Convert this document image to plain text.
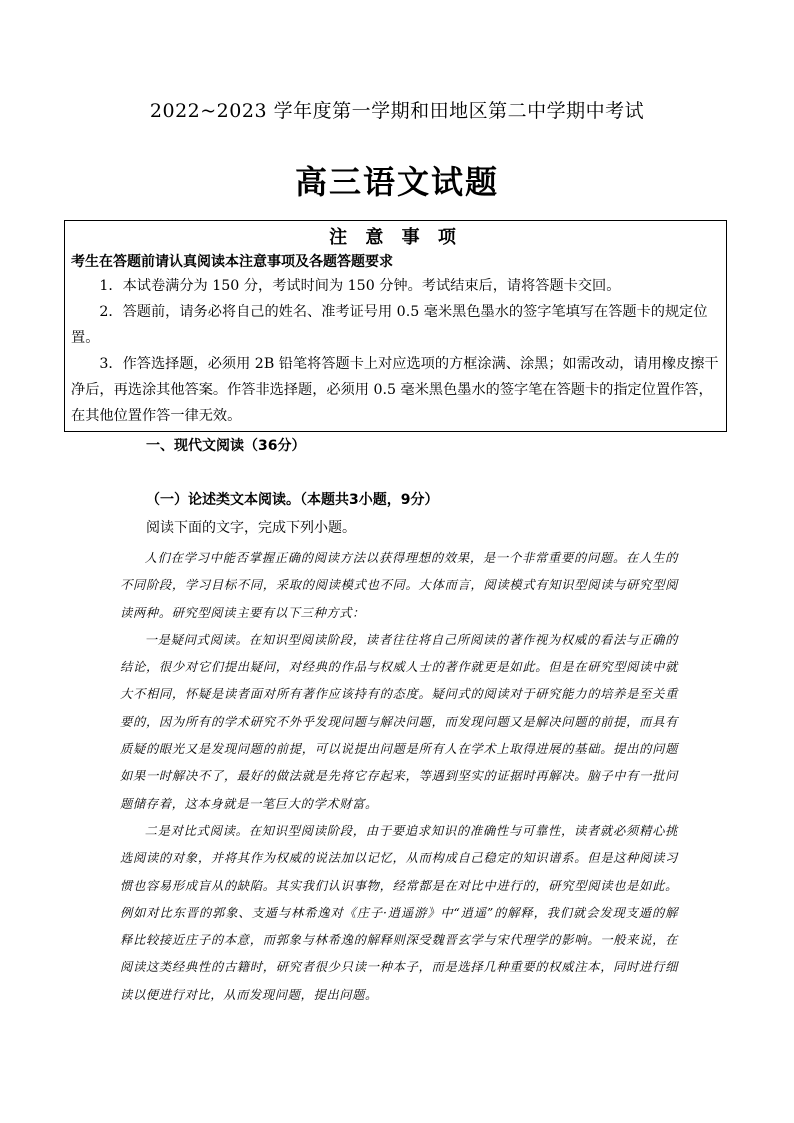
2022~2023 学年度第一学期和田地区第二中学期中考试
高三语文试题
注 意 事 项
考生在答题前请认真阅读本注意事项及各题答题要求

1．本试卷满分为 150 分，考试时间为 150 分钟。考试结束后，请将答题卡交回。

2．答题前，请务必将自己的姓名、准考证号用 0.5 毫米黑色墨水的签字笔填写在答题卡的规定位置。

3．作答选择题，必须用 2B 铅笔将答题卡上对应选项的方框涂满、涂黑；如需改动，请用橡皮擦干净后，再选涂其他答案。作答非选择题，必须用 0.5 毫米黑色墨水的签字笔在答题卡的指定位置作答，在其他位置作答一律无效。

一、现代文阅读（36分）
（一）论述类文本阅读。（本题共3小题，9分）
阅读下面的文字，完成下列小题。

人们在学习中能否掌握正确的阅读方法以获得理想的效果，是一个非常重要的问题。在人生的不同阶段，学习目标不同，采取的阅读模式也不同。大体而言，阅读模式有知识型阅读与研究型阅读两种。研究型阅读主要有以下三种方式：

一是疑问式阅读。在知识型阅读阶段，读者往往将自己所阅读的著作视为权威的看法与正确的结论，很少对它们提出疑问，对经典的作品与权威人士的著作就更是如此。但是在研究型阅读中就大不相同，怀疑是读者面对所有著作应该持有的态度。疑问式的阅读对于研究能力的培养是至关重要的，因为所有的学术研究不外乎发现问题与解决问题，而发现问题又是解决问题的前提，而具有质疑的眼光又是发现问题的前提，可以说提出问题是所有人在学术上取得进展的基础。提出的问题如果一时解决不了，最好的做法就是先将它存起来，等遇到坚实的证据时再解决。脑子中有一批问题储存着，这本身就是一笔巨大的学术财富。

二是对比式阅读。在知识型阅读阶段，由于要追求知识的准确性与可靠性，读者就必须精心挑选阅读的对象，并将其作为权威的说法加以记忆，从而构成自己稳定的知识谱系。但是这种阅读习惯也容易形成盲从的缺陷。其实我们认识事物，经常都是在对比中进行的，研究型阅读也是如此。例如对比东晋的郭象、支遁与林希逸对《庄子·逍遥游》中“逍遥”的解释，我们就会发现支遁的解释比较接近庄子的本意，而郭象与林希逸的解释则深受魏晋玄学与宋代理学的影响。一般来说，在阅读这类经典性的古籍时，研究者很少只读一种本子，而是选择几种重要的权威注本，同时进行细读以便进行对比，从而发现问题，提出问题。
